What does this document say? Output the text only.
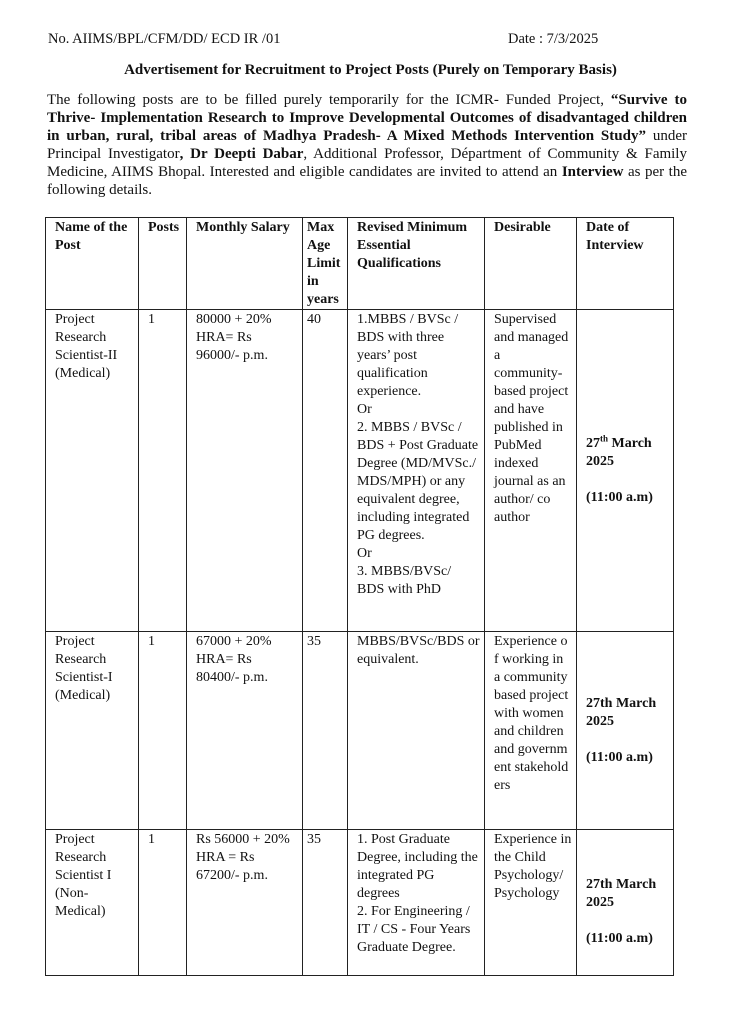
No. AIIMS/BPL/CFM/DD/ ECD IR /01	Date : 7/3/2025
Advertisement for Recruitment to Project Posts (Purely on Temporary Basis)
The following posts are to be filled purely temporarily for the ICMR- Funded Project, “Survive to Thrive- Implementation Research to Improve Developmental Outcomes of disadvantaged children in urban, rural, tribal areas of Madhya Pradesh- A Mixed Methods Intervention Study” under Principal Investigator, Dr Deepti Dabar, Additional Professor, Départment of Community & Family Medicine, AIIMS Bhopal. Interested and eligible candidates are invited to attend an Interview as per the following details.
Name of the Post	Posts	Monthly Salary	Max Age Limit in years	Revised Minimum Essential Qualifications	Desirable	Date of Interview
Project Research Scientist-II (Medical)	1	80000 + 20% HRA= Rs 96000/- p.m.	40	1.MBBS / BVSc / BDS with three years’ post qualification experience.
Or
2. MBBS / BVSc / BDS + Post Graduate Degree (MD/MVSc./ MDS/MPH) or any equivalent degree, including integrated PG degrees.
Or
3. MBBS/BVSc/ BDS with PhD	Supervised and managed a community-based project and have published in PubMed indexed journal as an author/ co author	27th March 2025
(11:00 a.m)

Project Research Scientist-I (Medical)	1	67000 + 20% HRA= Rs 80400/- p.m.	35	MBBS/BVSc/BDS or equivalent.	Experience of working in a community based project with women and children and government stakeholders	27th March 2025
(11:00 a.m)

Project Research Scientist I (Non-Medical)	1	Rs 56000 + 20% HRA = Rs 67200/- p.m.	35	1. Post Graduate Degree, including the integrated PG degrees
2. For Engineering / IT / CS - Four Years Graduate Degree.	Experience in the Child Psychology/ Psychology	27th March 2025
(11:00 a.m)
